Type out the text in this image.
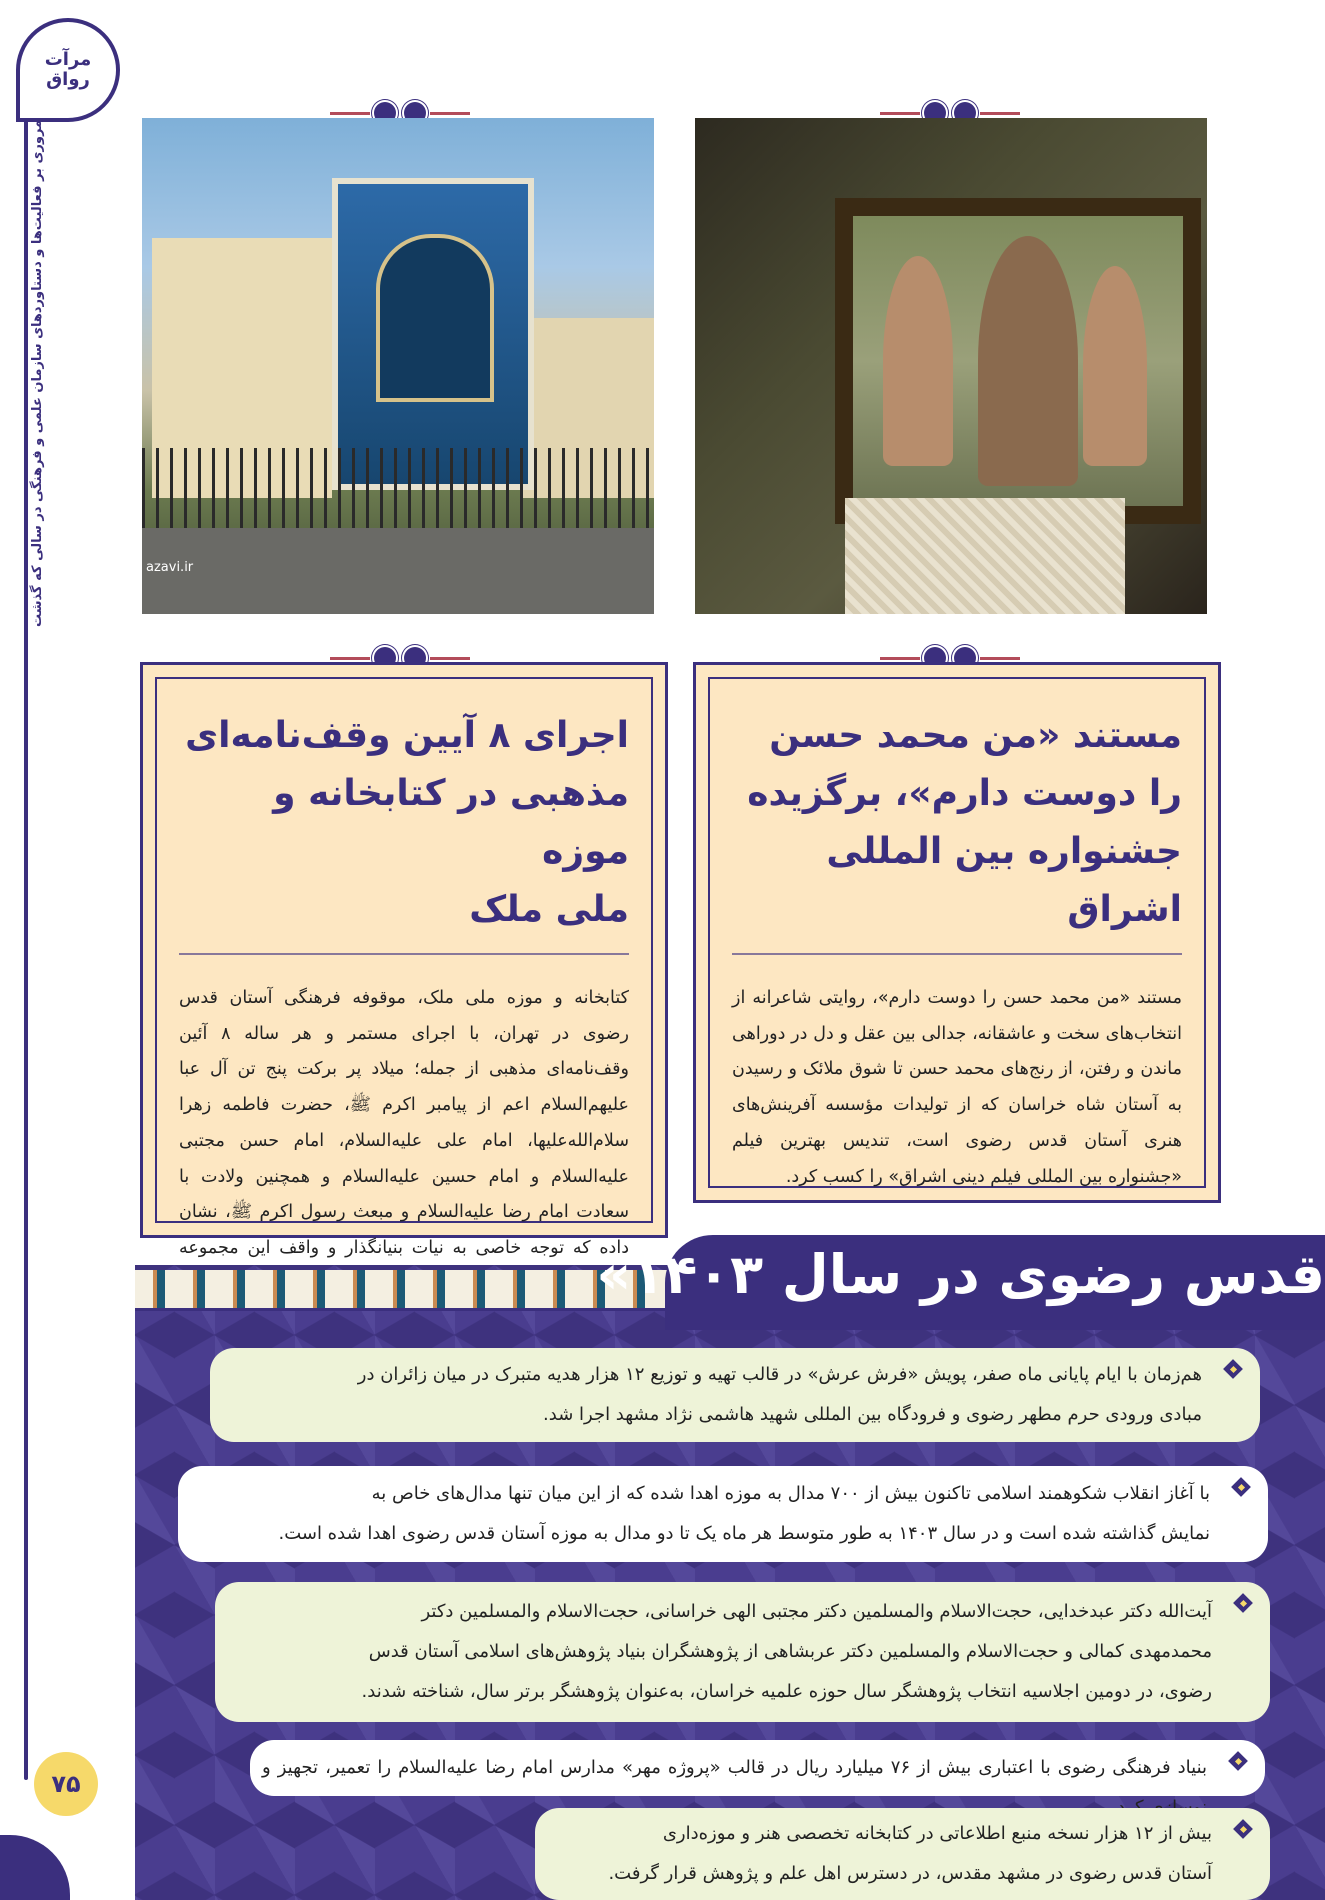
مرآت رواق
مروری بر فعالیت‌ها و دستاوردهای سازمان علمی و فرهنگی در سالی که گذشت
۷۵
azavi.ir
اجرای ۸ آیین وقف‌نامه‌ای
مذهبی در کتابخانه و موزه
ملی ملک

کتابخانه و موزه ملی ملک، موقوفه فرهنگی آستان قدس رضوی در تهران، با اجرای مستمر و هر ساله ۸ آئین وقف‌نامه‌ای مذهبی از جمله؛ میلاد پر برکت پنج تن آل عبا علیهم‌السلام اعم از پیامبر اکرم ﷺ، حضرت فاطمه زهرا سلام‌الله‌علیها، امام علی علیه‌السلام، امام حسن مجتبی علیه‌السلام و امام حسین علیه‌السلام و همچنین ولادت با سعادت امام رضا علیه‌السلام و مبعث رسول اکرم ﷺ، نشان داده که توجه خاصی به نیات بنیانگذار و واقف این مجموعه

مستند «من محمد حسن
را دوست دارم»، برگزیده
جشنواره بین المللی اشراق

مستند «من محمد حسن را دوست دارم»، روایتی شاعرانه از انتخاب‌های سخت و عاشقانه، جدالی بین عقل و دل در دوراهی ماندن و رفتن، از رنج‌های محمد حسن تا شوق ملائک و رسیدن به آستان شاه خراسان که از تولیدات مؤسسه آفرینش‌های هنری آستان قدس رضوی است، تندیس بهترین فیلم «جشنواره بین المللی فیلم دینی اشراق» را کسب کرد.

قدس رضوی در سال ۱۴۰۳»
هم‌زمان با ایام پایانی ماه صفر، پویش «فرش عرش» در قالب تهیه و توزیع ۱۲ هزار هدیه متبرک در میان زائران در
مبادی ورودی حرم مطهر رضوی و فرودگاه بین المللی شهید هاشمی نژاد مشهد اجرا شد.
با آغاز انقلاب شکوهمند اسلامی تاکنون بیش از ۷۰۰ مدال به موزه اهدا شده که از این میان تنها مدال‌های خاص به
نمایش گذاشته شده است و در سال ۱۴۰۳ به طور متوسط هر ماه یک تا دو مدال به موزه آستان قدس رضوی اهدا شده است.
آیت‌الله دکتر عبدخدایی، حجت‌الاسلام والمسلمین دکتر مجتبی الهی خراسانی، حجت‌الاسلام والمسلمین دکتر
محمدمهدی کمالی و حجت‌الاسلام والمسلمین دکتر عربشاهی از پژوهشگران بنیاد پژوهش‌های اسلامی آستان قدس
رضوی، در دومین اجلاسیه انتخاب پژوهشگر سال حوزه علمیه خراسان، به‌عنوان پژوهشگر برتر سال، شناخته شدند.
بنیاد فرهنگی رضوی با اعتباری بیش از ۷۶ میلیارد ریال در قالب «پروژه مهر» مدارس امام رضا علیه‌السلام را تعمیر، تجهیز و
بیش از ۱۲ هزار نسخه منبع اطلاعاتی در کتابخانه تخصصی هنر و موزه‌داری
آستان قدس رضوی در مشهد مقدس، در دسترس اهل علم و پژوهش قرار گرفت.
